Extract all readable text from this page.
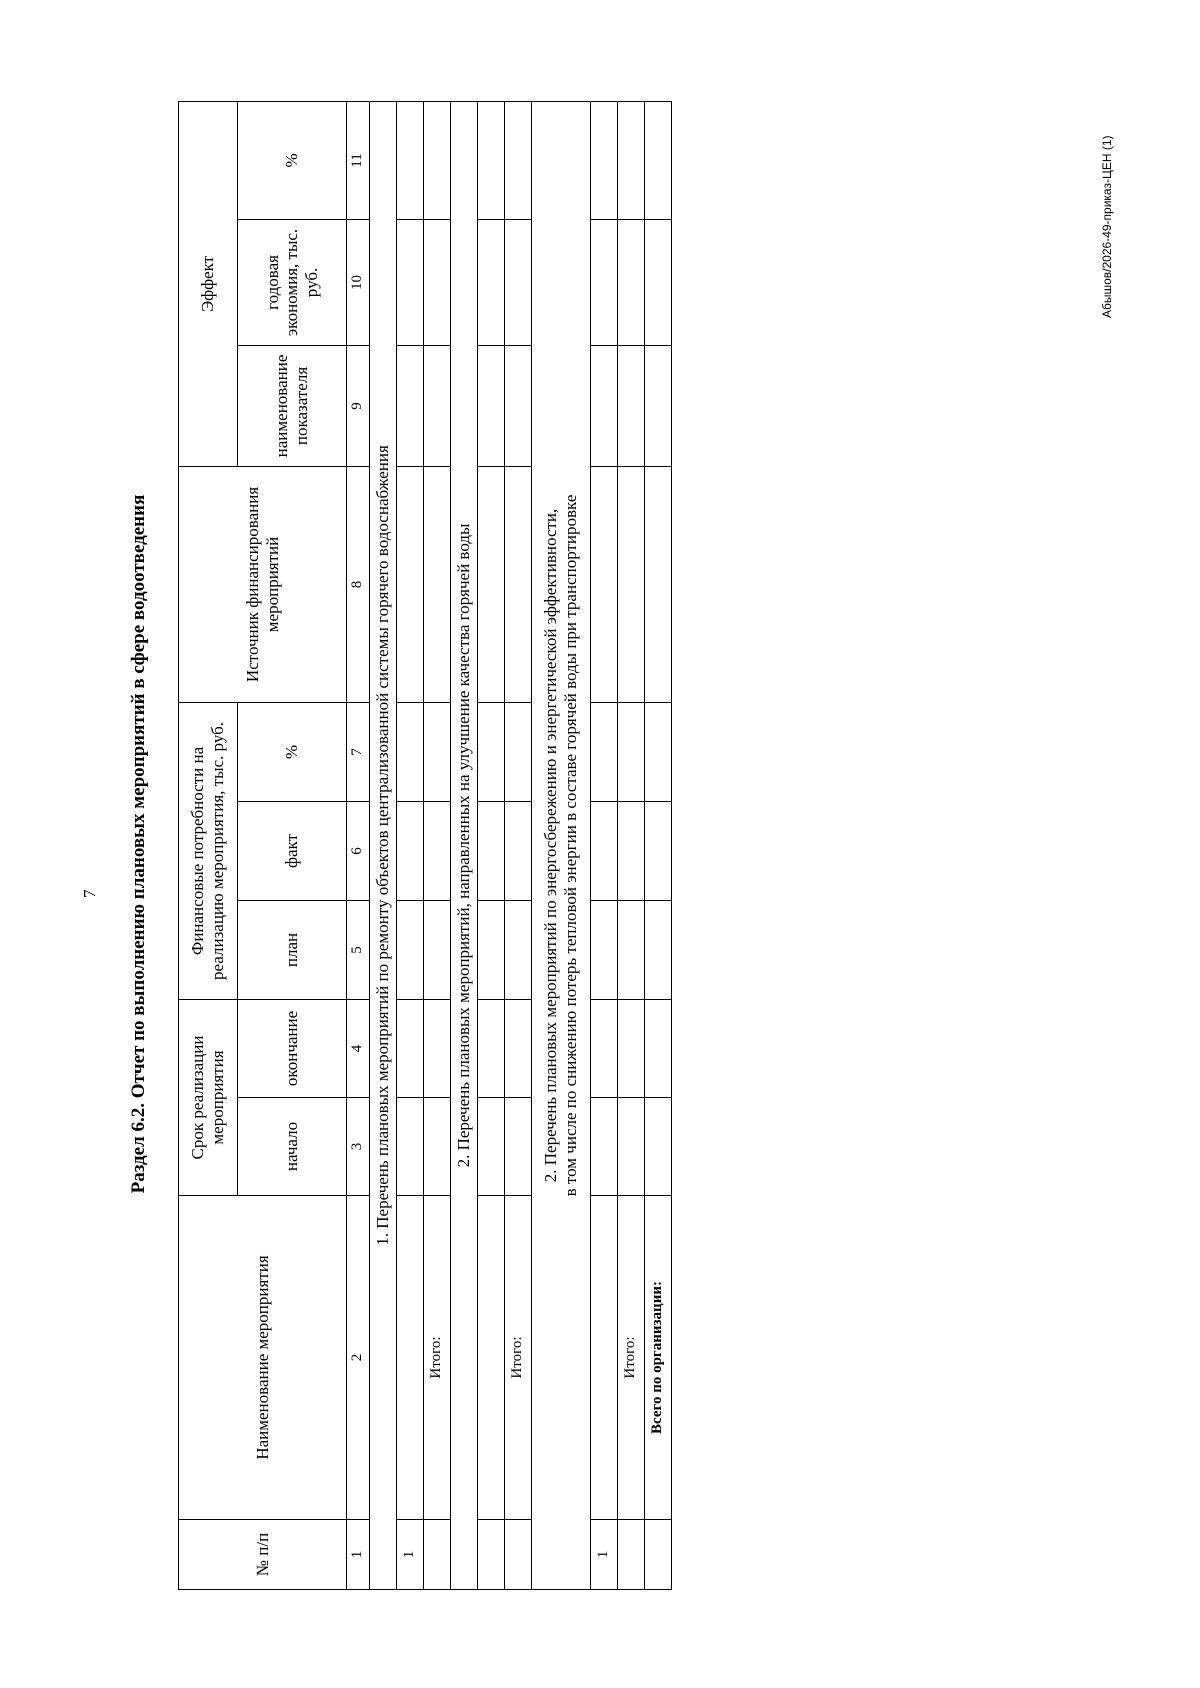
7 Раздел 6.2. Отчет по выполнению плановых мероприятий в сфере водоотведения
№ п/п	Наименование мероприятия	Срок реализации мероприятия		Финансовые потребности на реализацию мероприятия, тыс. руб.			Источник финансирования мероприятий	Эффект		
		начало	окончание	план	факт	%		наименование показателя	годовая экономия, тыс. руб.	%
1	2	3	4	5	6	7	8	9	10	11
1. Перечень плановых мероприятий по ремонту объектов централизованной системы горячего водоснабжения										
1										
	Итого:									
2. Перечень плановых мероприятий, направленных на улучшение качества горячей воды										

	Итого:									

2. Перечень плановых мероприятий по энергосбережению и энергетической эффективности, в том числе по снижению потерь тепловой энергии в составе горячей воды при транспортировке										

1										
	Итого:									
	Всего по организации:									
Абышов/2026-49-приказ-ЦЕН (1)
